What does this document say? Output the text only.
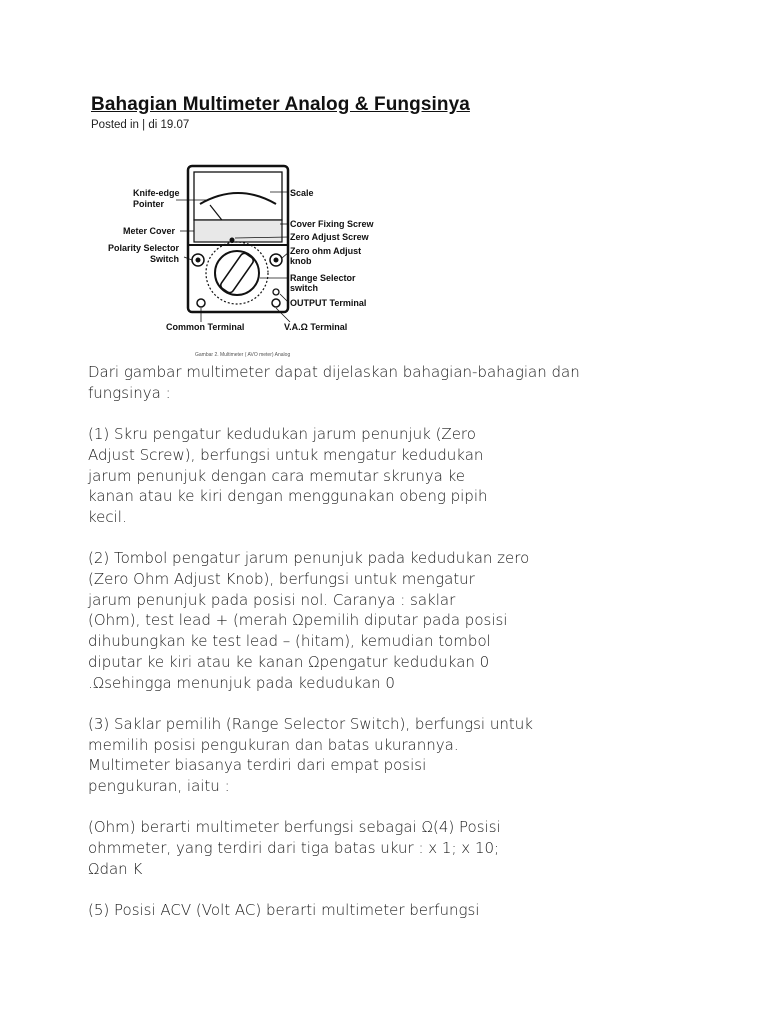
Bahagian Multimeter Analog & Fungsinya
Posted in | di 19.07
Knife-edge
Pointer
Meter Cover
Polarity Selector
Switch
Common Terminal
Scale
Cover Fixing Screw
Zero Adjust Screw
Zero ohm Adjust
knob
Range Selector
switch
OUTPUT Terminal
V.A.Ω Terminal
Gambar 2. Multimeter ( AVO meter) Analog

Dari gambar multimeter dapat dijelaskan bahagian-bahagian dan
fungsinya :

(1) Skru pengatur kedudukan jarum penunjuk (Zero
Adjust Screw), berfungsi untuk mengatur kedudukan
jarum penunjuk dengan cara memutar skrunya ke
kanan atau ke kiri dengan menggunakan obeng pipih
kecil.

(2) Tombol pengatur jarum penunjuk pada kedudukan zero
(Zero Ohm Adjust Knob), berfungsi untuk mengatur
jarum penunjuk pada posisi nol. Caranya : saklar
(Ohm), test lead + (merah Ωpemilih diputar pada posisi
dihubungkan ke test lead – (hitam), kemudian tombol
diputar ke kiri atau ke kanan Ωpengatur kedudukan 0
.Ωsehingga menunjuk pada kedudukan 0

(3) Saklar pemilih (Range Selector Switch), berfungsi untuk
memilih posisi pengukuran dan batas ukurannya.
Multimeter biasanya terdiri dari empat posisi
pengukuran, iaitu :

(Ohm) berarti multimeter berfungsi sebagai Ω(4) Posisi
ohmmeter, yang terdiri dari tiga batas ukur : x 1; x 10;
Ωdan K

(5) Posisi ACV (Volt AC) berarti multimeter berfungsi
